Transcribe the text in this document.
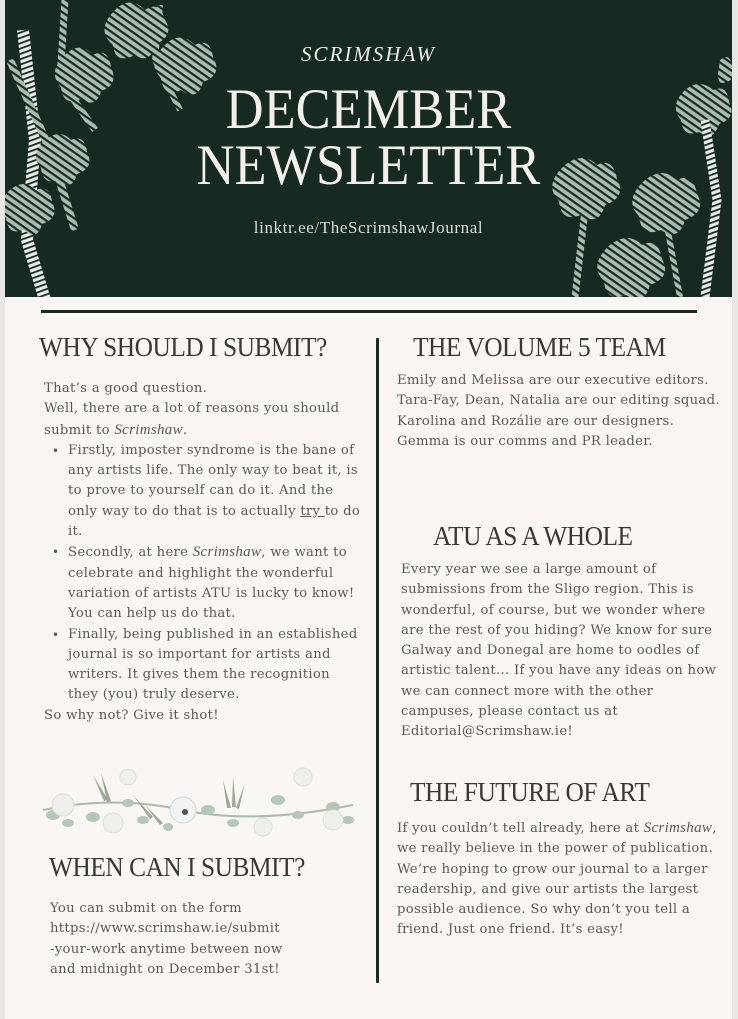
SCRIMSHAW
DECEMBER
NEWSLETTER
linktr.ee/TheScrimshawJournal
WHY SHOULD I SUBMIT?

That’s a good question.

Well, there are a lot of reasons you should submit to Scrimshaw.

• Firstly, imposter syndrome is the bane of any artists life. The only way to beat it, is to prove to yourself can do it. And the only way to do that is to actually try to do it.
• Secondly, at here Scrimshaw, we want to celebrate and highlight the wonderful variation of artists ATU is lucky to know! You can help us do that.
• Finally, being published in an established journal is so important for artists and writers. It gives them the recognition they (you) truly deserve.

So why not? Give it shot!

WHEN CAN I SUBMIT?

You can submit on the form

https://www.scrimshaw.ie/submit

-your-work anytime between now

and midnight on December 31st!

THE VOLUME 5 TEAM

Emily and Melissa are our executive editors.

Tara-Fay, Dean, Natalia are our editing squad.

Karolina and Rozálie are our designers.

Gemma is our comms and PR leader.

ATU AS A WHOLE

Every year we see a large amount of submissions from the Sligo region. This is wonderful, of course, but we wonder where are the rest of you hiding? We know for sure Galway and Donegal are home to oodles of artistic talent... If you have any ideas on how we can connect more with the other campuses, please contact us at Editorial@Scrimshaw.ie!

THE FUTURE OF ART

If you couldn’t tell already, here at Scrimshaw, we really believe in the power of publication. We’re hoping to grow our journal to a larger readership, and give our artists the largest possible audience. So why don’t you tell a friend. Just one friend. It’s easy!
